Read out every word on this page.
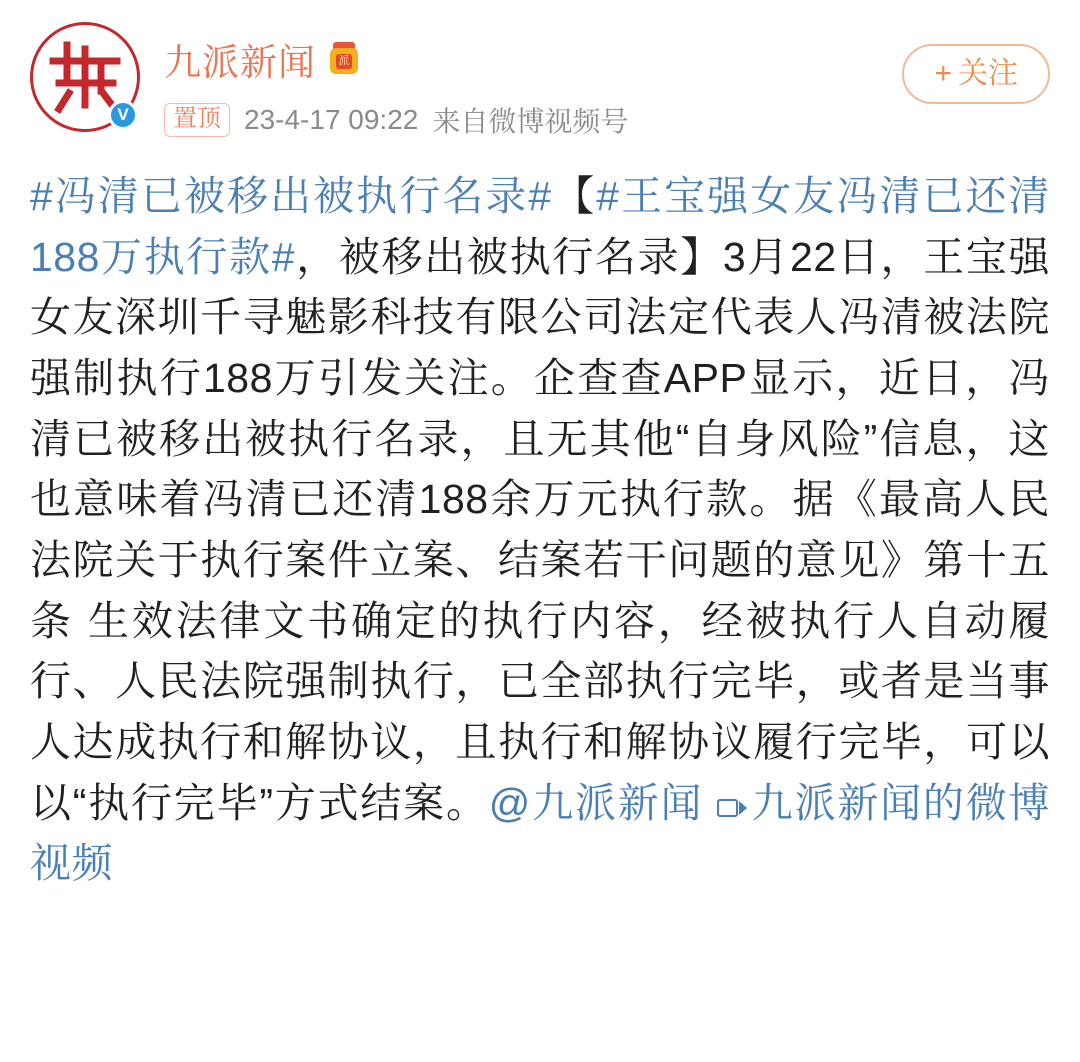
V
九派新闻 派
置顶 23-4-17 09:22 来自微博视频号
+ 关注
#冯清已被移出被执行名录#【#王宝强女友冯清已还清188万执行款#，被移出被执行名录】3月22日，王宝强女友深圳千寻魅影科技有限公司法定代表人冯清被法院强制执行188万引发关注。企查查APP显示，近日，冯清已被移出被执行名录，且无其他“自身风险”信息，这也意味着冯清已还清188余万元执行款。据《最高人民法院关于执行案件立案、结案若干问题的意见》第十五条 生效法律文书确定的执行内容，经被执行人自动履行、人民法院强制执行，已全部执行完毕，或者是当事人达成执行和解协议，且执行和解协议履行完毕，可以以“执行完毕”方式结案。@九派新闻 九派新闻的微博视频
